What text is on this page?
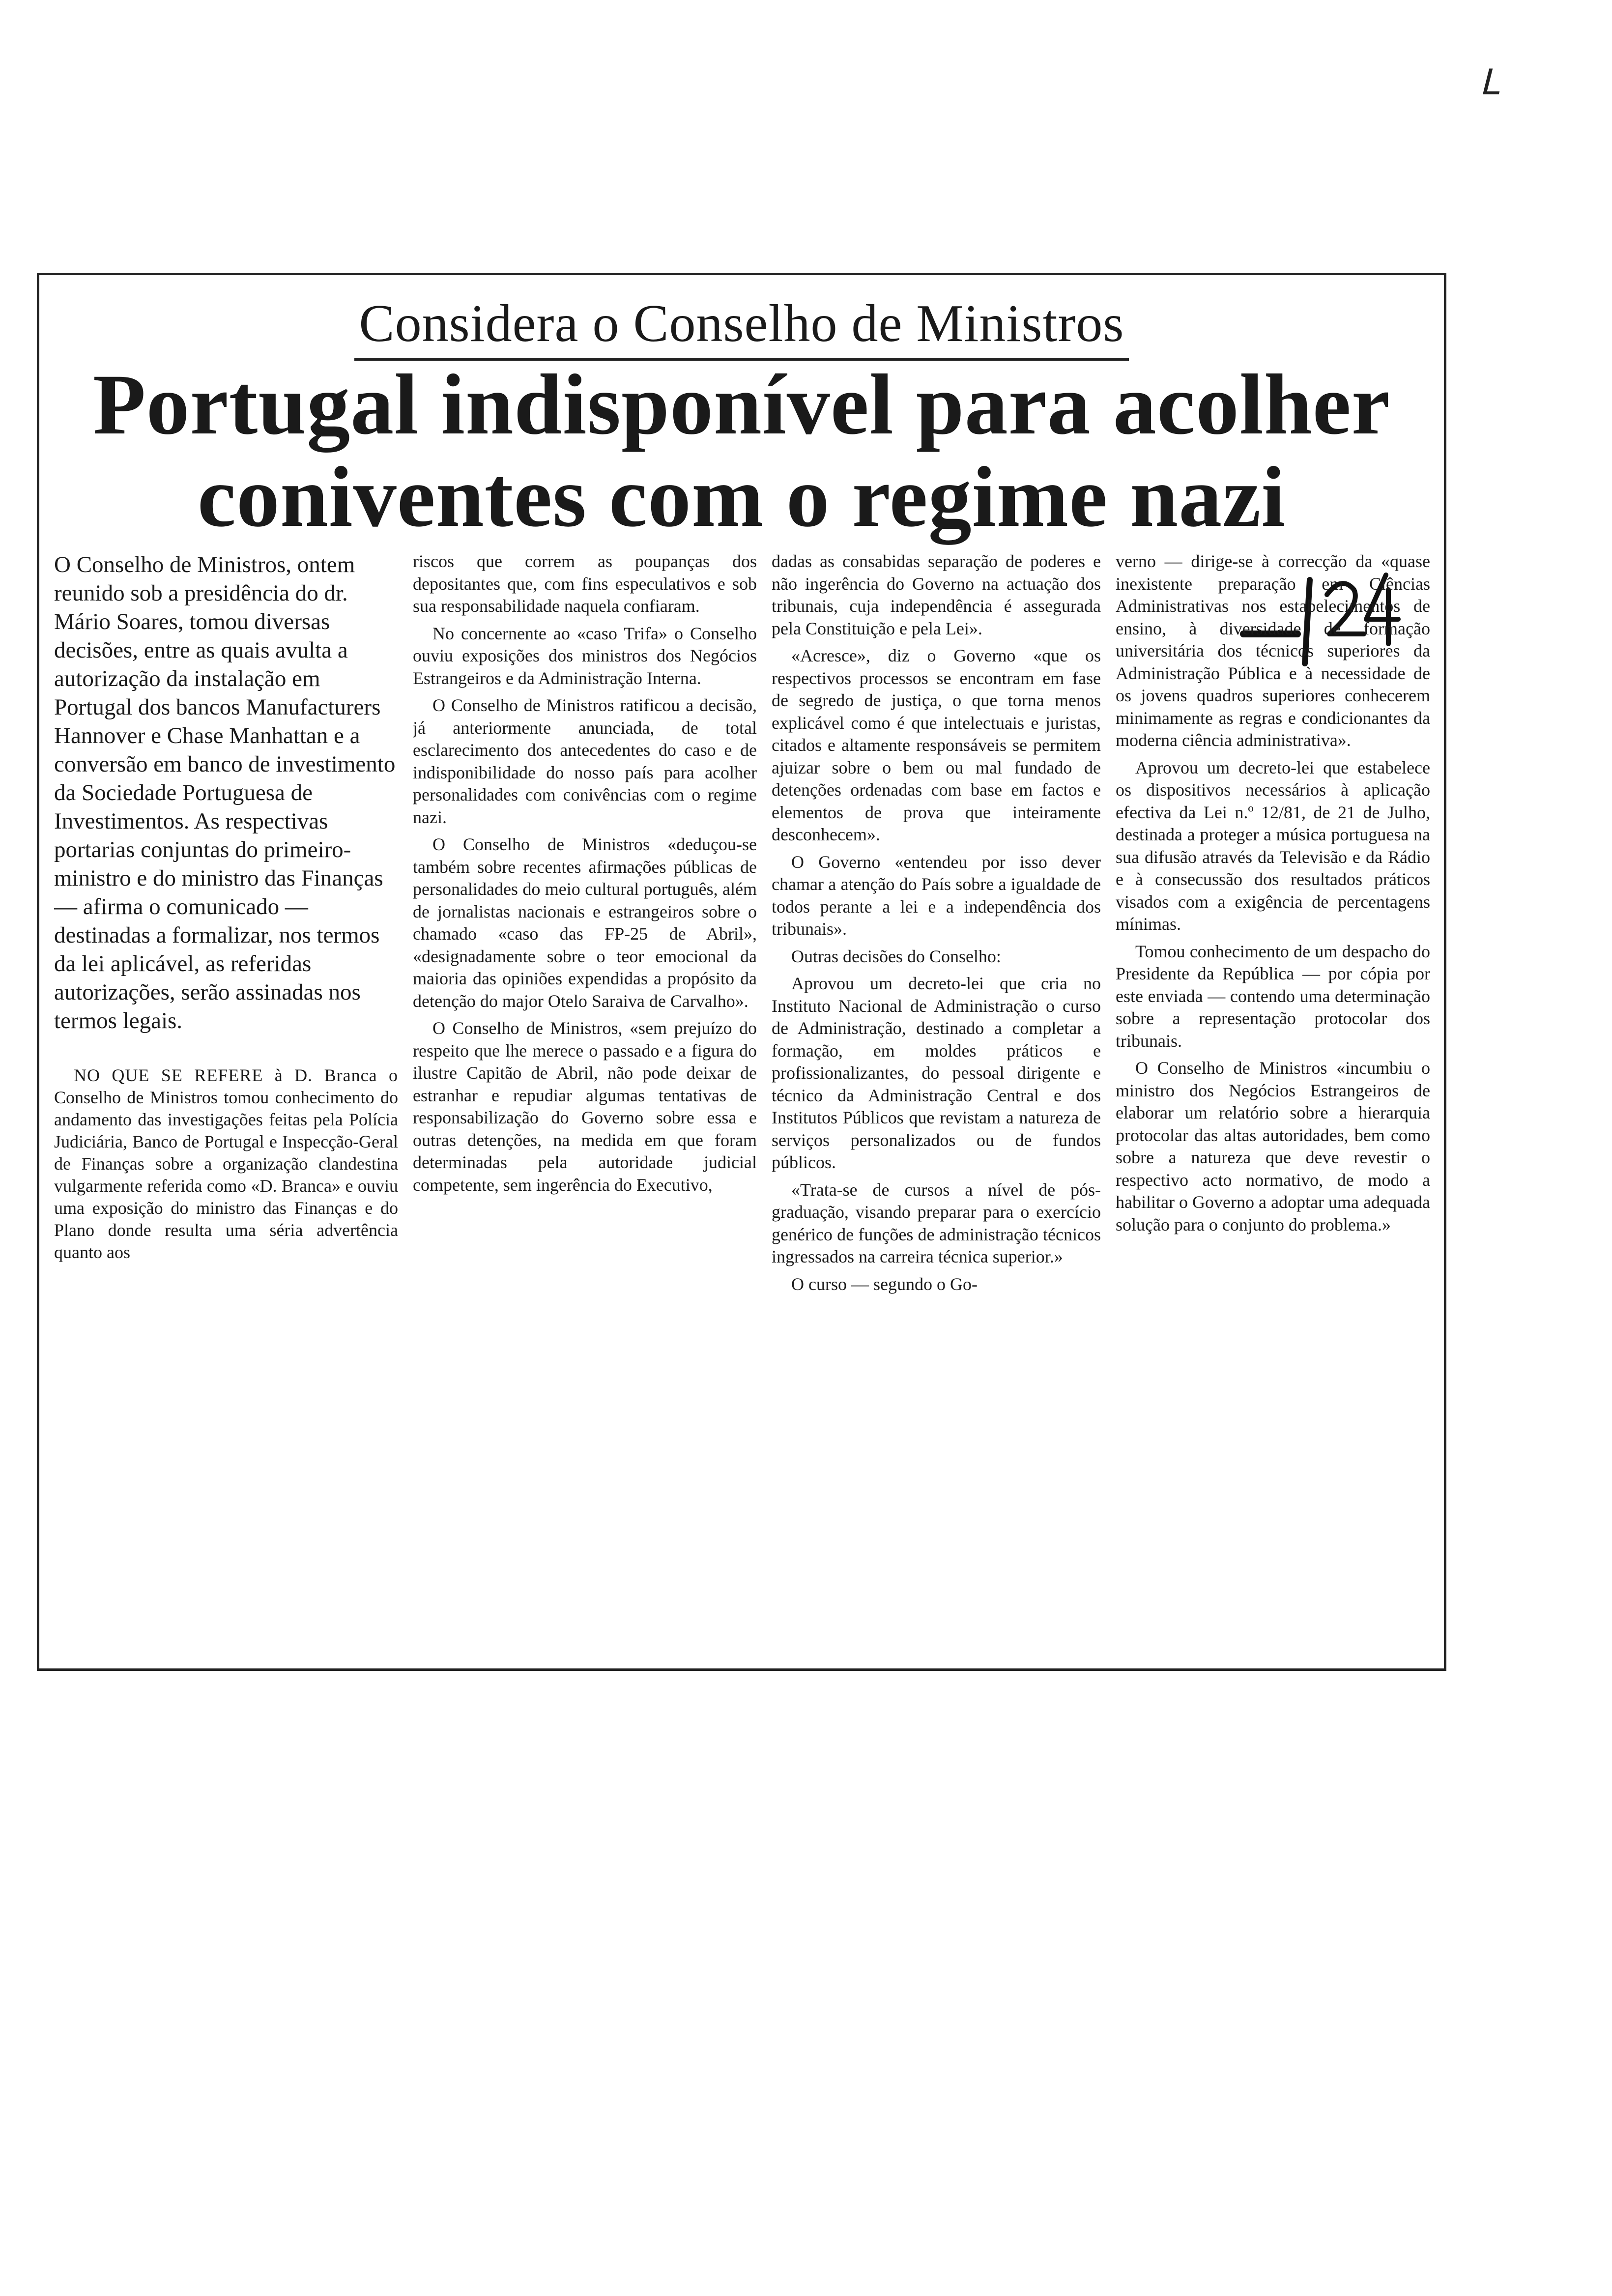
ᒪ
Considera o Conselho de Ministros
Portugal indisponível para acolher
coniventes com o regime nazi

O Conselho de Ministros, ontem reunido sob a presidência do dr. Mário Soares, tomou diversas decisões, entre as quais avulta a autorização da instalação em Portugal dos bancos Manufacturers Hannover e Chase Manhattan e a conversão em banco de investimento da Sociedade Portuguesa de Investimentos. As respectivas portarias conjuntas do primeiro-ministro e do ministro das Finanças — afirma o comunicado — destinadas a formalizar, nos termos da lei aplicável, as referidas autorizações, serão assinadas nos termos legais.

NO QUE SE REFERE à D. Branca o Conselho de Ministros tomou conhecimento do andamento das investigações feitas pela Polícia Judiciária, Banco de Portugal e Inspecção-Geral de Finanças sobre a organização clandestina vulgarmente referida como «D. Branca» e ouviu uma exposição do ministro das Finanças e do Plano donde resulta uma séria advertência quanto aos

riscos que correm as poupanças dos depositantes que, com fins especulativos e sob sua responsabilidade naquela confiaram.

No concernente ao «caso Trifa» o Conselho ouviu exposições dos ministros dos Negócios Estrangeiros e da Administração Interna.

O Conselho de Ministros ratificou a decisão, já anteriormente anunciada, de total esclarecimento dos antecedentes do caso e de indisponibilidade do nosso país para acolher personalidades com conivências com o regime nazi.

O Conselho de Ministros «deduçou-se também sobre recentes afirmações públicas de personalidades do meio cultural português, além de jornalistas nacionais e estrangeiros sobre o chamado «caso das FP-25 de Abril», «designadamente sobre o teor emocional da maioria das opiniões expendidas a propósito da detenção do major Otelo Saraiva de Carvalho».

O Conselho de Ministros, «sem prejuízo do respeito que lhe merece o passado e a figura do ilustre Capitão de Abril, não pode deixar de estranhar e repudiar algumas tentativas de responsabilização do Governo sobre essa e outras detenções, na medida em que foram determinadas pela autoridade judicial competente, sem ingerência do Executivo,

dadas as consabidas separação de poderes e não ingerência do Governo na actuação dos tribunais, cuja independência é assegurada pela Constituição e pela Lei».

«Acresce», diz o Governo «que os respectivos processos se encontram em fase de segredo de justiça, o que torna menos explicável como é que intelectuais e juristas, citados e altamente responsáveis se permitem ajuizar sobre o bem ou mal fundado de detenções ordenadas com base em factos e elementos de prova que inteiramente desconhecem».

O Governo «entendeu por isso dever chamar a atenção do País sobre a igualdade de todos perante a lei e a independência dos tribunais».

Outras decisões do Conselho:

Aprovou um decreto-lei que cria no Instituto Nacional de Administração o curso de Administração, destinado a completar a formação, em moldes práticos e profissionalizantes, do pessoal dirigente e técnico da Administração Central e dos Institutos Públicos que revistam a natureza de serviços personalizados ou de fundos públicos.

«Trata-se de cursos a nível de pós-graduação, visando preparar para o exercício genérico de funções de administração técnicos ingressados na carreira técnica superior.»

O curso — segundo o Go-

verno — dirige-se à correcção da «quase inexistente preparação em Ciências Administrativas nos estabelecimentos de ensino, à diversidade de formação universitária dos técnicos superiores da Administração Pública e à necessidade de os jovens quadros superiores conhecerem minimamente as regras e condicionantes da moderna ciência administrativa».

Aprovou um decreto-lei que estabelece os dispositivos necessários à aplicação efectiva da Lei n.º 12/81, de 21 de Julho, destinada a proteger a música portuguesa na sua difusão através da Televisão e da Rádio e à consecussão dos resultados práticos visados com a exigência de percentagens mínimas.

Tomou conhecimento de um despacho do Presidente da República — por cópia por este enviada — contendo uma determinação sobre a representação protocolar dos tribunais.

O Conselho de Ministros «incumbiu o ministro dos Negócios Estrangeiros de elaborar um relatório sobre a hierarquia protocolar das altas autoridades, bem como sobre a natureza que deve revestir o respectivo acto normativo, de modo a habilitar o Governo a adoptar uma adequada solução para o conjunto do problema.»
